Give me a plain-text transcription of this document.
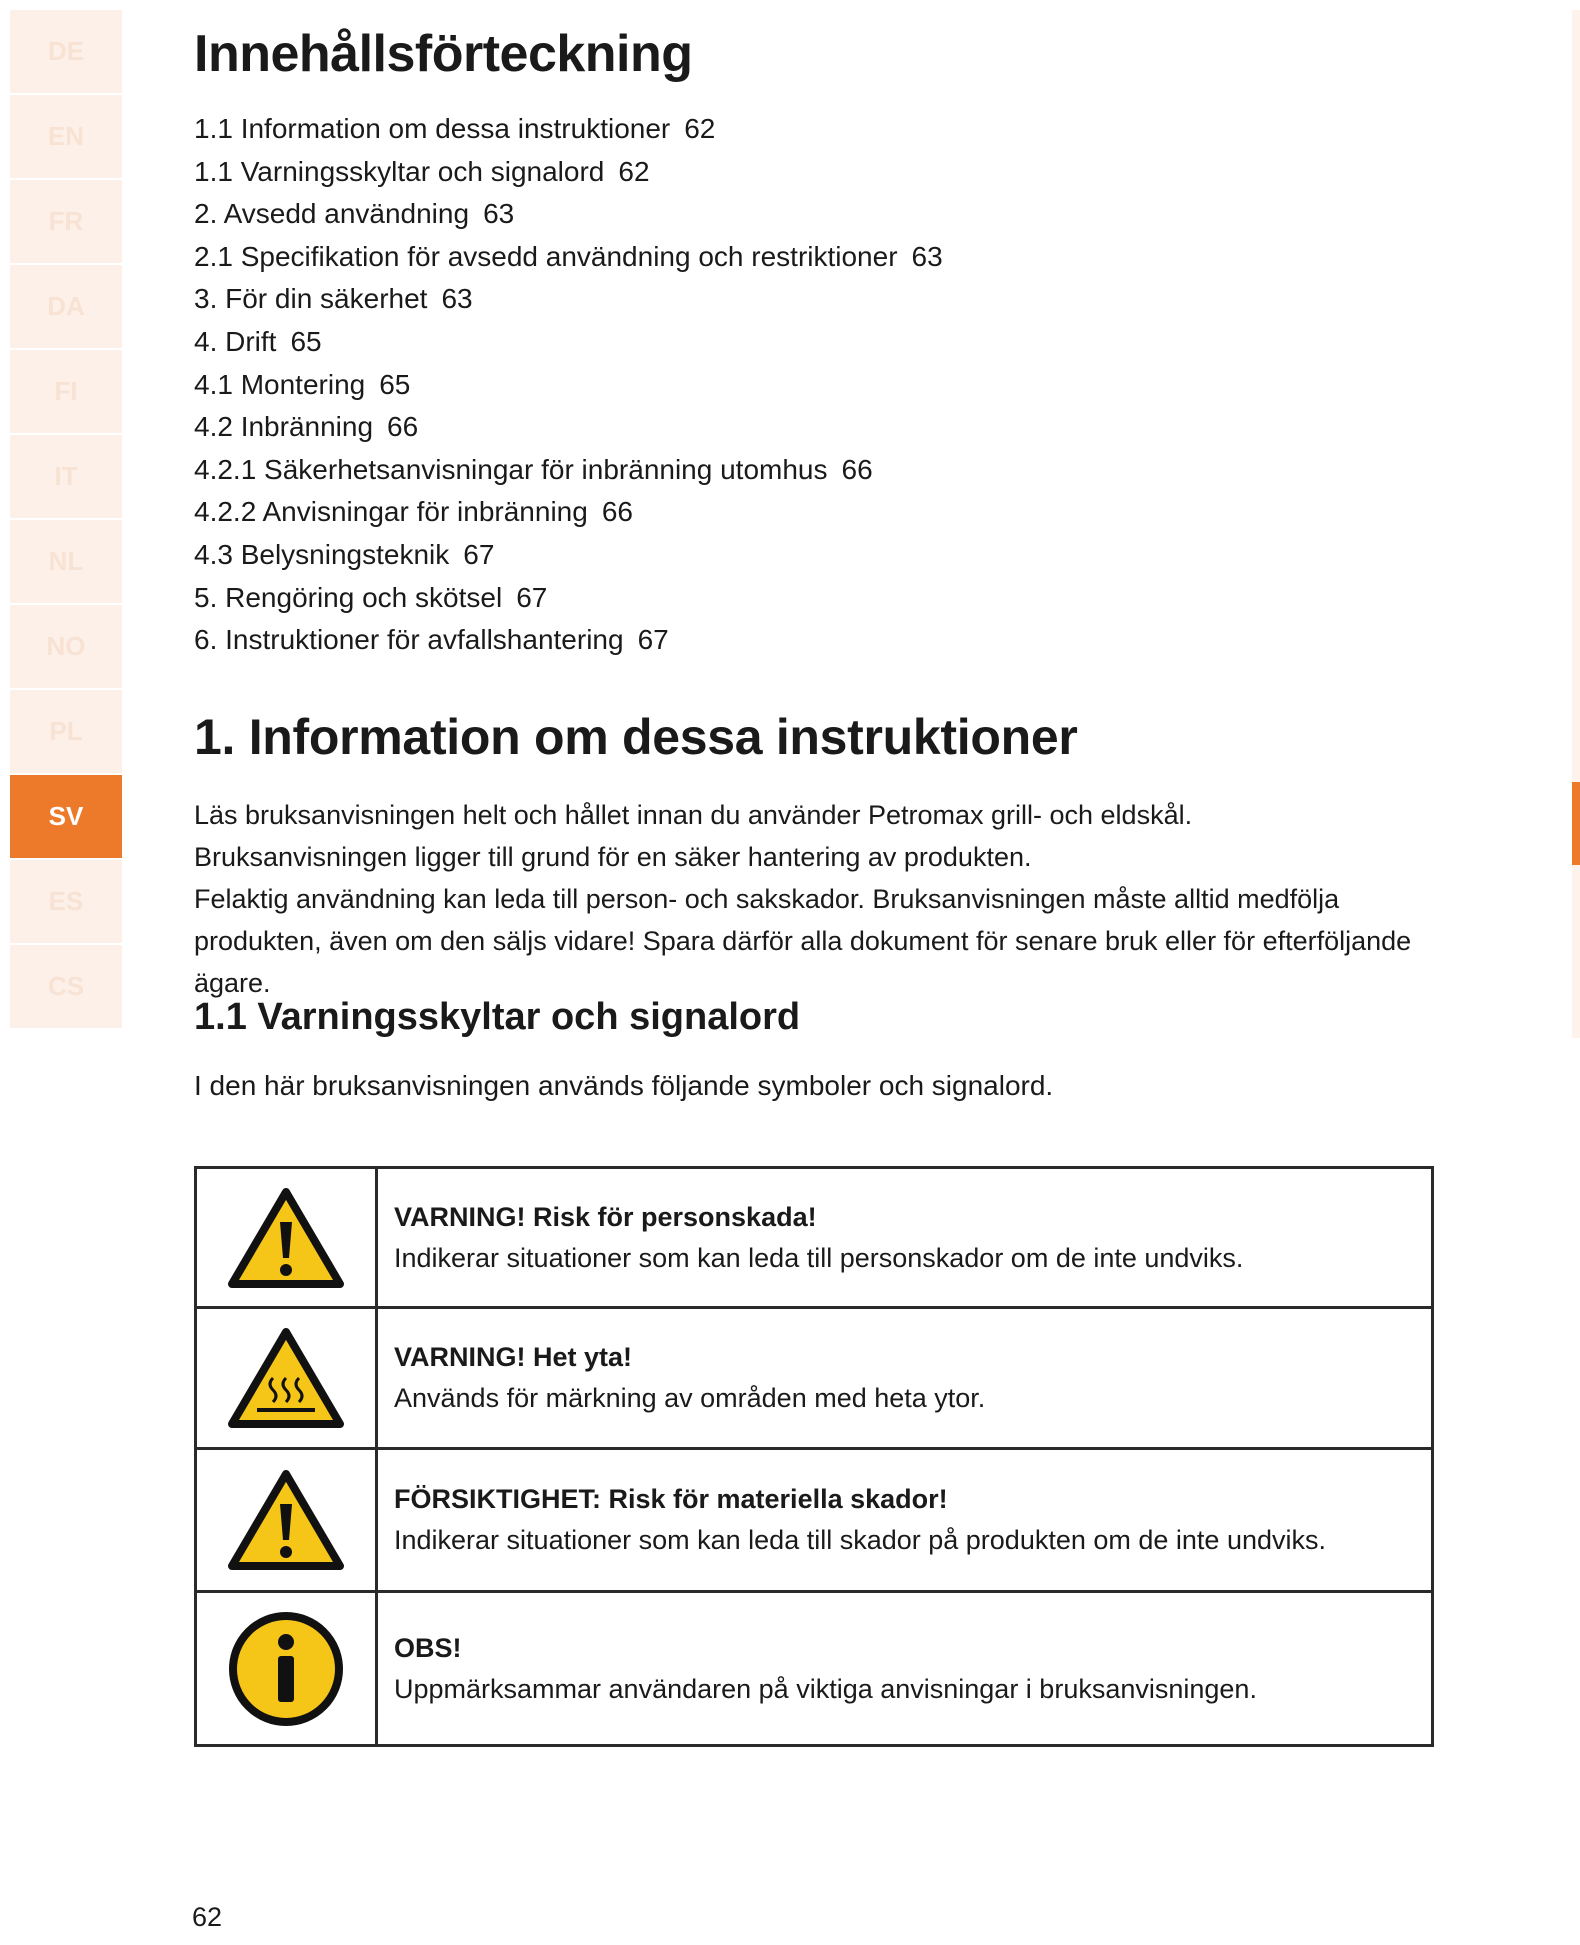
DE
EN
FR
DA
FI
IT
NL
NO
PL
SV
ES
CS
Innehållsförteckning
1.1 Information om dessa instruktioner 62
1.1 Varningsskyltar och signalord 62
2. Avsedd användning 63
2.1 Specifikation för avsedd användning och restriktioner 63
3. För din säkerhet 63
4. Drift 65
4.1 Montering 65
4.2 Inbränning 66
4.2.1 Säkerhetsanvisningar för inbränning utomhus 66
4.2.2 Anvisningar för inbränning 66
4.3 Belysningsteknik 67
5. Rengöring och skötsel 67
6. Instruktioner för avfallshantering 67
1. Information om dessa instruktioner

Läs bruksanvisningen helt och hållet innan du använder Petromax grill- och eldskål.

Bruksanvisningen ligger till grund för en säker hantering av produkten.

Felaktig användning kan leda till person- och sakskador. Bruksanvisningen måste alltid medfölja produkten, även om den säljs vidare! Spara därför alla dokument för senare bruk eller för efterföljande ägare.

1.1 Varningsskyltar och signalord

I den här bruksanvisningen används följande symboler och signalord.

VARNING! Risk för personskada!
Indikerar situationer som kan leda till personskador om de inte undviks.

VARNING! Het yta!
Används för märkning av områden med heta ytor.

FÖRSIKTIGHET: Risk för materiella skador!
Indikerar situationer som kan leda till skador på produkten om de inte undviks.

OBS!
Uppmärksammar användaren på viktiga anvisningar i bruksanvisningen.

62
